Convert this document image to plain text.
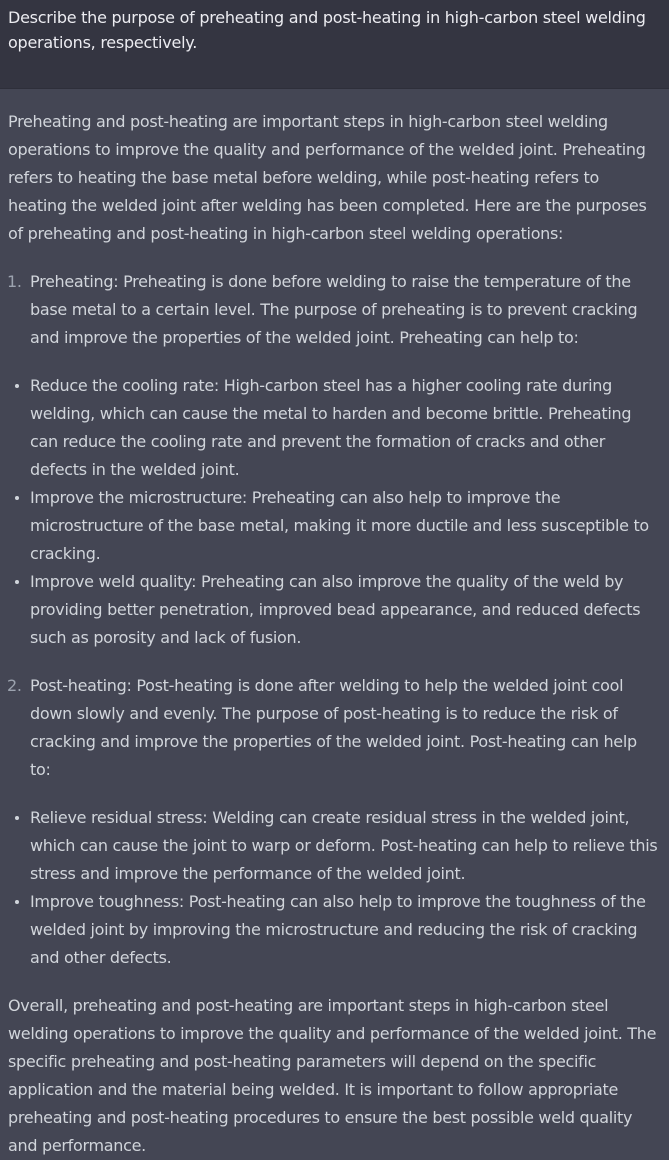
Describe the purpose of preheating and post-heating in high-carbon steel welding operations, respectively.

Preheating and post-heating are important steps in high-carbon steel welding operations to improve the quality and performance of the welded joint. Preheating refers to heating the base metal before welding, while post-heating refers to heating the welded joint after welding has been completed. Here are the purposes of preheating and post-heating in high-carbon steel welding operations:

1. Preheating: Preheating is done before welding to raise the temperature of the base metal to a certain level. The purpose of preheating is to prevent cracking and improve the properties of the welded joint. Preheating can help to:

Reduce the cooling rate: High-carbon steel has a higher cooling rate during welding, which can cause the metal to harden and become brittle. Preheating can reduce the cooling rate and prevent the formation of cracks and other defects in the welded joint.
Improve the microstructure: Preheating can also help to improve the microstructure of the base metal, making it more ductile and less susceptible to cracking.
Improve weld quality: Preheating can also improve the quality of the weld by providing better penetration, improved bead appearance, and reduced defects such as porosity and lack of fusion.
2. Post-heating: Post-heating is done after welding to help the welded joint cool down slowly and evenly. The purpose of post-heating is to reduce the risk of cracking and improve the properties of the welded joint. Post-heating can help to:

Relieve residual stress: Welding can create residual stress in the welded joint, which can cause the joint to warp or deform. Post-heating can help to relieve this stress and improve the performance of the welded joint.
Improve toughness: Post-heating can also help to improve the toughness of the welded joint by improving the microstructure and reducing the risk of cracking and other defects.

Overall, preheating and post-heating are important steps in high-carbon steel welding operations to improve the quality and performance of the welded joint. The specific preheating and post-heating parameters will depend on the specific application and the material being welded. It is important to follow appropriate preheating and post-heating procedures to ensure the best possible weld quality and performance.
